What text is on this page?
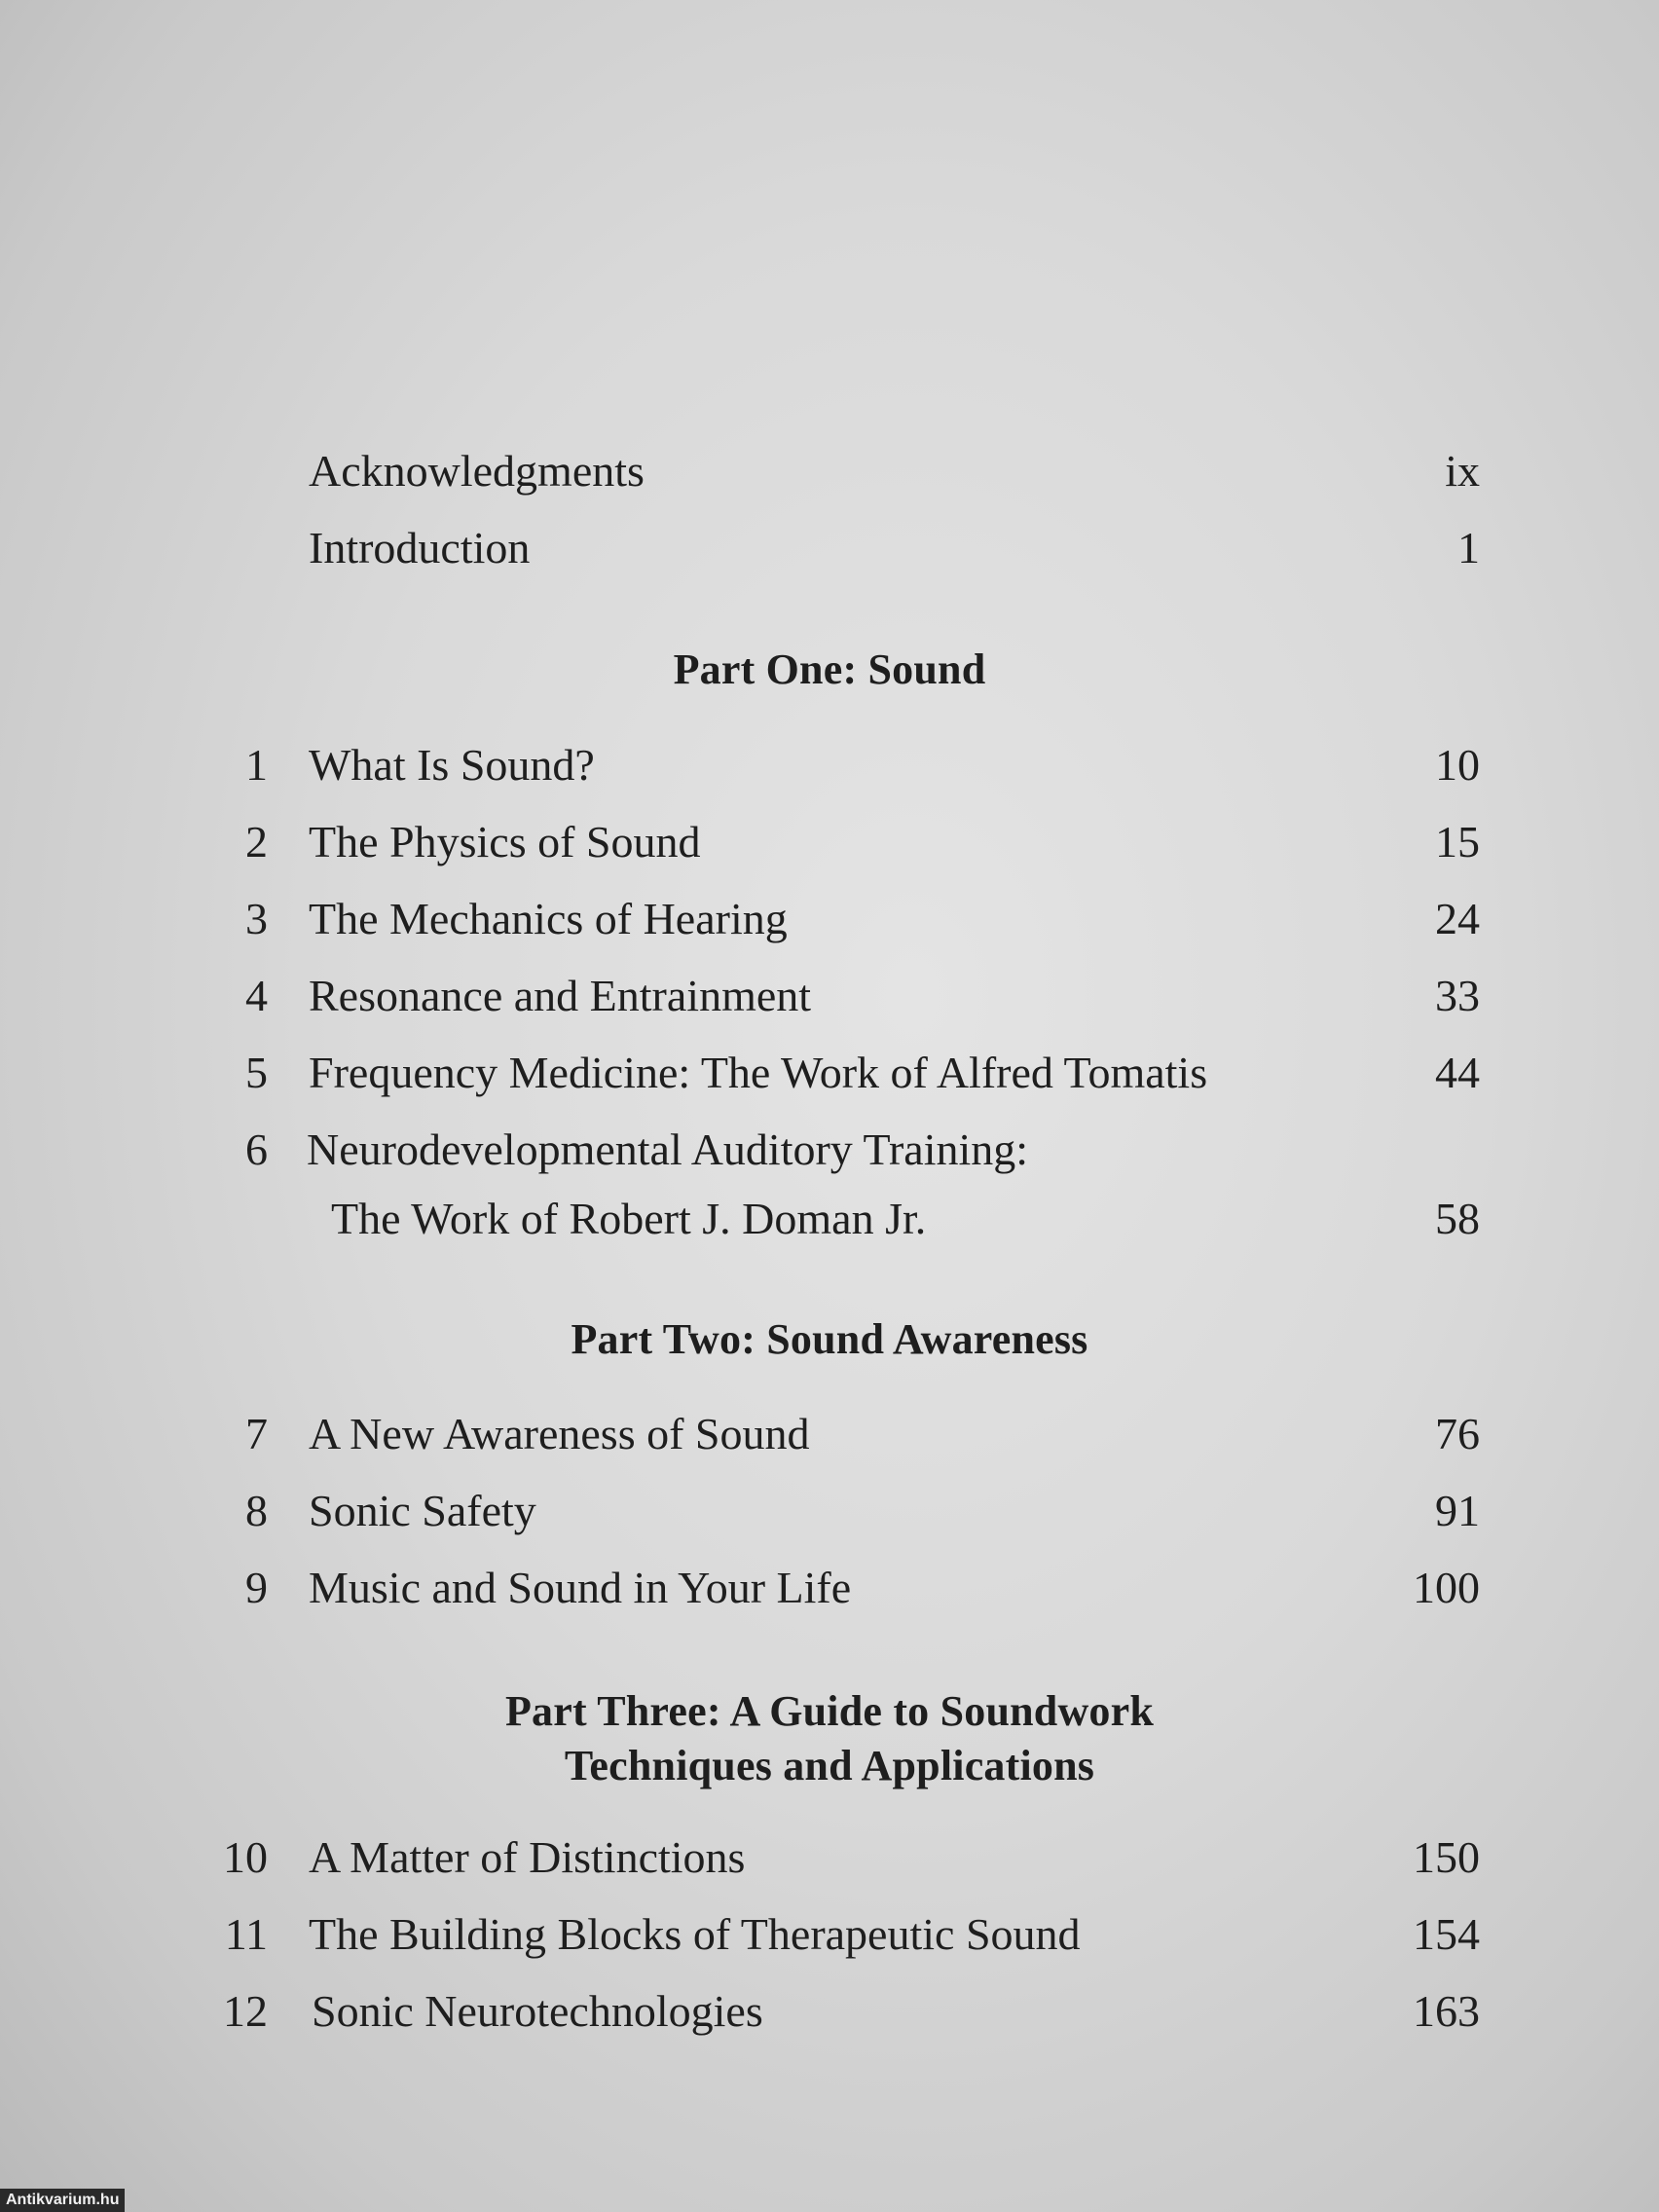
Acknowledgments	ix
Introduction	1
Part One: Sound
1 What Is Sound?	10
2 The Physics of Sound	15
3 The Mechanics of Hearing	24
4 Resonance and Entrainment	33
5 Frequency Medicine: The Work of Alfred Tomatis	44
6 Neurodevelopmental Auditory Training:
The Work of Robert J. Doman Jr.	58
Part Two: Sound Awareness
7 A New Awareness of Sound	76
8 Sonic Safety	91
9 Music and Sound in Your Life	100
Part Three: A Guide to Soundwork
Techniques and Applications
10 A Matter of Distinctions	150
11 The Building Blocks of Therapeutic Sound	154
12 Sonic Neurotechnologies	163
Antikvarium.hu
